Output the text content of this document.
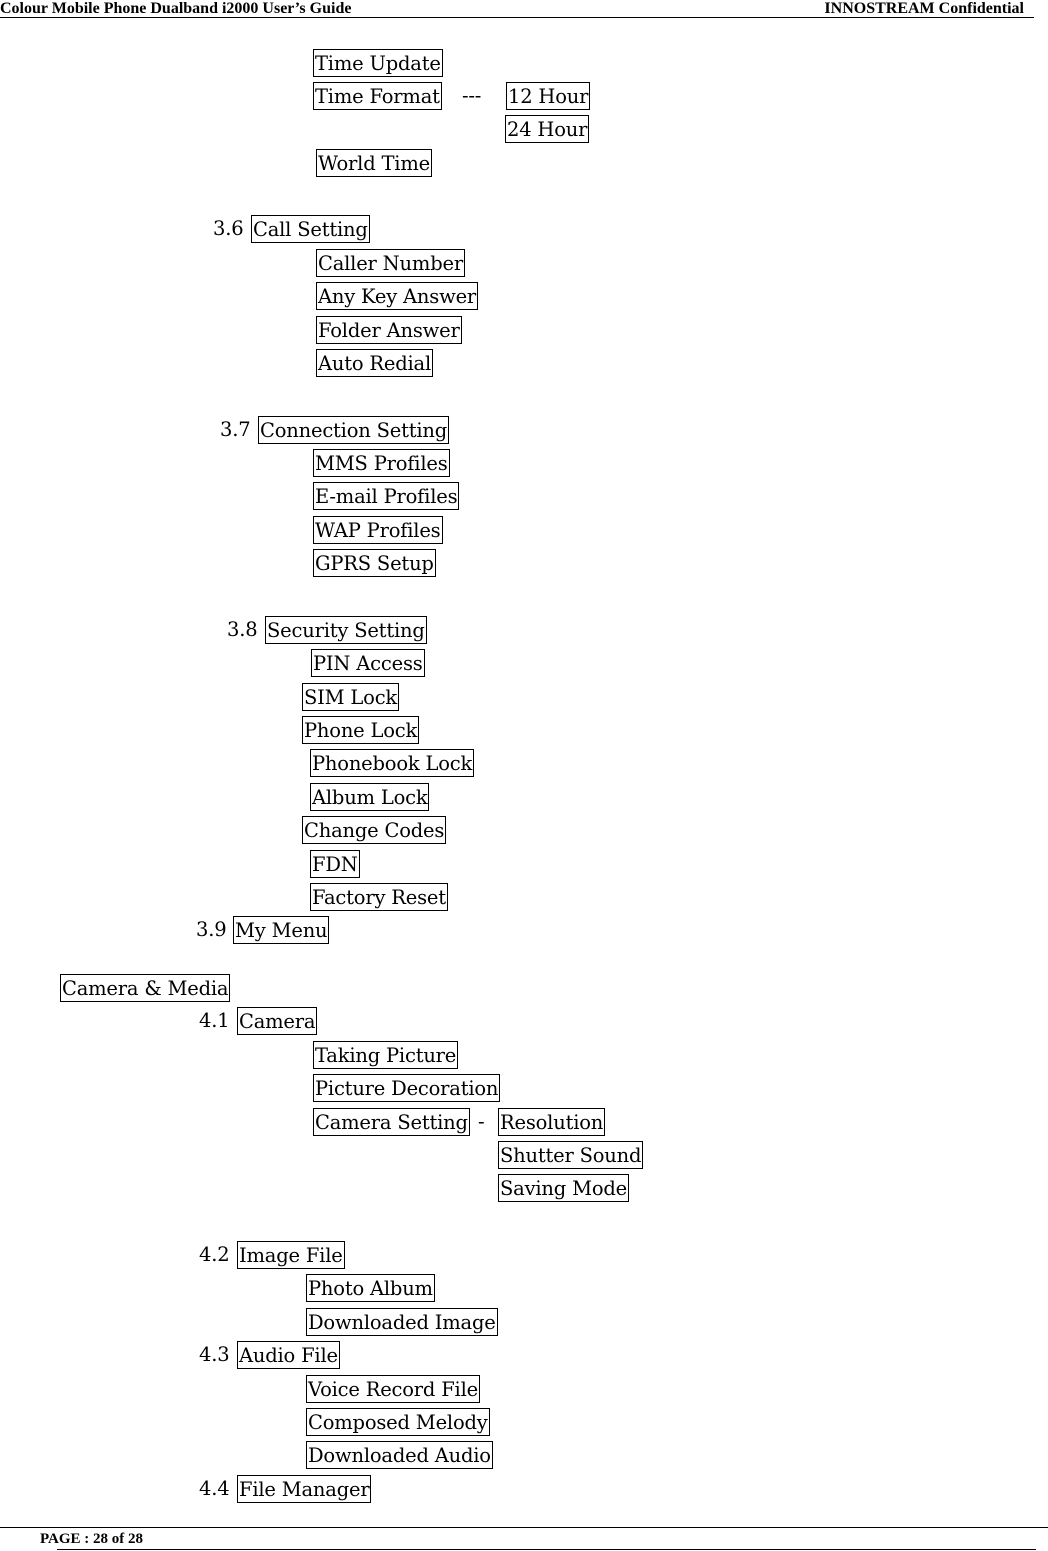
Colour Mobile Phone Dualband i2000 User’s Guide	INNOSTREAM Confidential
Time Update
Time Format --- 12 Hour
24 Hour
World Time
3.6 Call Setting
Caller Number
Any Key Answer
Folder Answer
Auto Redial
3.7 Connection Setting
MMS Profiles
E-mail Profiles
WAP Profiles
GPRS Setup
3.8 Security Setting
PIN Access
SIM Lock
Phone Lock
Phonebook Lock
Album Lock
Change Codes
FDN
Factory Reset
3.9 My Menu
Camera & Media
4.1 Camera
Taking Picture
Picture Decoration
Camera Setting - Resolution
Shutter Sound
Saving Mode
4.2 Image File
Photo Album
Downloaded Image
4.3 Audio File
Voice Record File
Composed Melody
Downloaded Audio
4.4 File Manager
PAGE : 28 of 28
